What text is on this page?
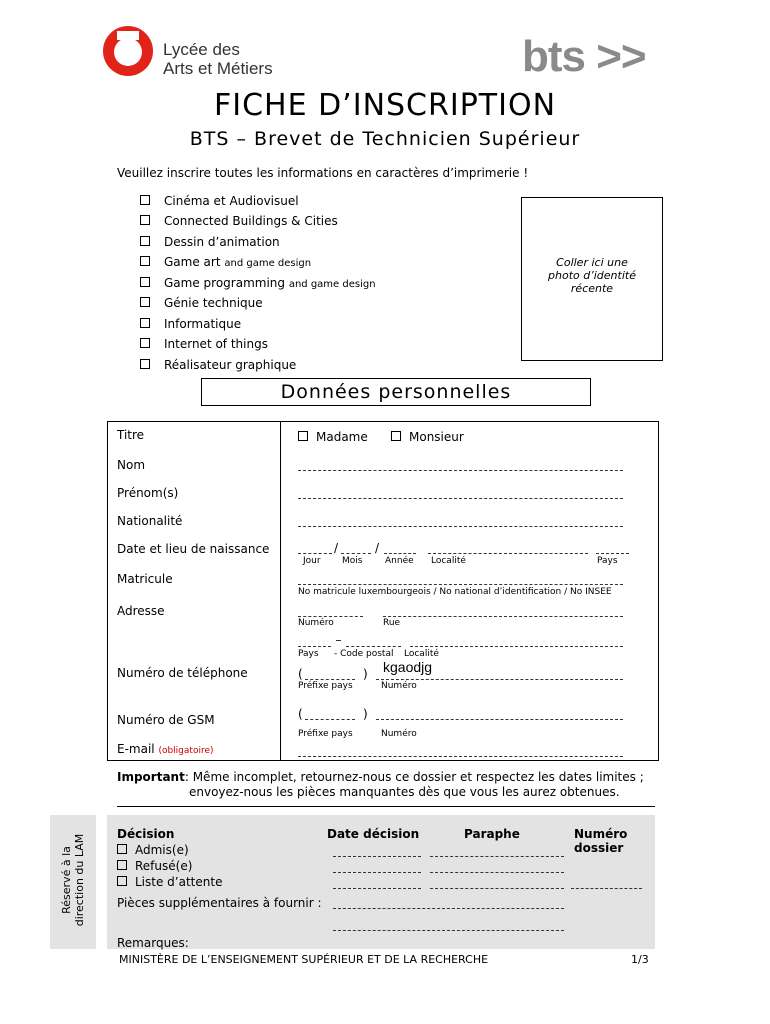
Lycée des
Arts et Métiers	bts >>
FICHE D’INSCRIPTION
BTS – Brevet de Technicien Supérieur
Veuillez inscrire toutes les informations en caractères d’imprimerie !
Cinéma et Audiovisuel
Connected Buildings & Cities
Dessin d’animation
Game art and game design
Game programming and game design
Génie technique
Informatique
Internet of things
Réalisateur graphique
Coller ici une
photo d’identité
récente
Données personnelles
Titre	Madame	Monsieur
Nom
Prénom(s)
Nationalité
Date et lieu de naissance	/	/
Jour Mois	Année Localité	Pays
Matricule
No matricule luxembourgeois / No national d’identification / No INSEE
Adresse
Numéro	Rue
Pays - Code postal Localité
Numéro de téléphone	(	) kgaodjg
Préfixe pays	Numéro
Numéro de GSM	(	)
Préfixe pays	Numéro
E-mail (obligatoire)
Important: Même incomplet, retournez-nous ce dossier et respectez les dates limites ;
envoyez-nous les pièces manquantes dès que vous les aurez obtenues.
Réservé à la direction du LAM	Décision
Admis(e)
Refusé(e)
Liste d’attente
Date décision	Paraphe	Numéro
dossier
Pièces supplémentaires à fournir :
Remarques:
MINISTÈRE DE L’ENSEIGNEMENT SUPÉRIEUR ET DE LA RECHERCHE	1/3
